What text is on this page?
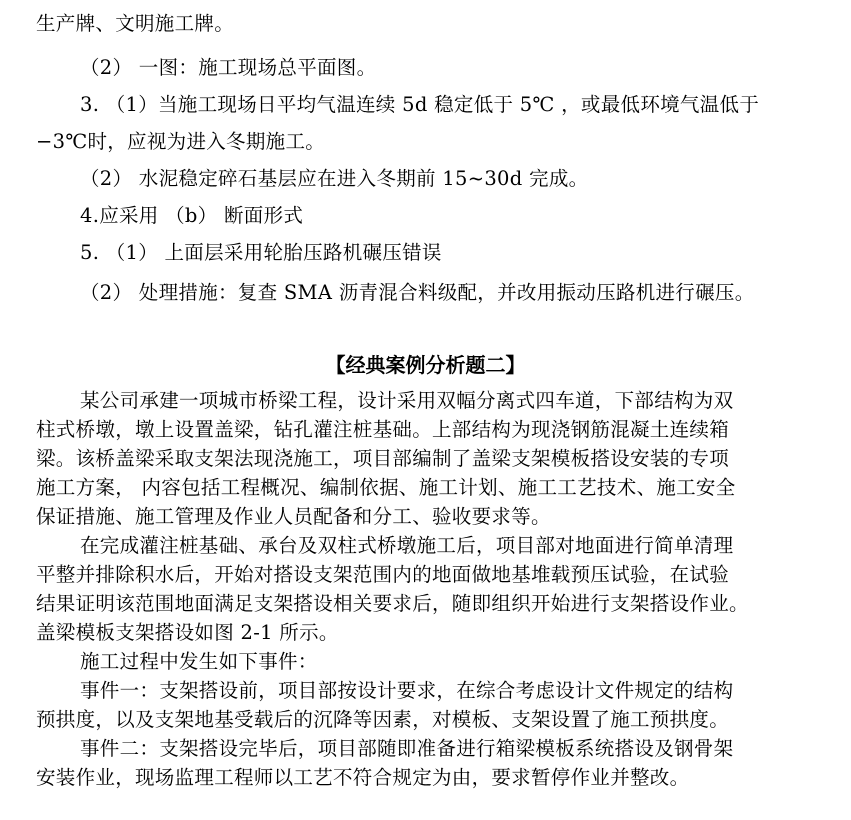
生产牌、文明施工牌。
（2） 一图：施工现场总平面图。
3. （1）当施工现场日平均气温连续 5d 稳定低于 5℃ ，或最低环境气温低于
−3℃时，应视为进入冬期施工。
（2） 水泥稳定碎石基层应在进入冬期前 15~30d 完成。
4.应采用 （b） 断面形式
5. （1） 上面层采用轮胎压路机碾压错误
（2） 处理措施：复查 SMA 沥青混合料级配，并改用振动压路机进行碾压。
【经典案例分析题二】
某公司承建一项城市桥梁工程，设计采用双幅分离式四车道，下部结构为双
柱式桥墩，墩上设置盖梁，钻孔灌注桩基础。上部结构为现浇钢筋混凝土连续箱
梁。该桥盖梁采取支架法现浇施工，项目部编制了盖梁支架模板搭设安装的专项
施工方案， 内容包括工程概况、编制依据、施工计划、施工工艺技术、施工安全
保证措施、施工管理及作业人员配备和分工、验收要求等。
在完成灌注桩基础、承台及双柱式桥墩施工后，项目部对地面进行简单清理
平整并排除积水后，开始对搭设支架范围内的地面做地基堆载预压试验，在试验
结果证明该范围地面满足支架搭设相关要求后，随即组织开始进行支架搭设作业。
盖梁模板支架搭设如图 2-1 所示。
施工过程中发生如下事件：
事件一：支架搭设前，项目部按设计要求，在综合考虑设计文件规定的结构
预拱度，以及支架地基受载后的沉降等因素，对模板、支架设置了施工预拱度。
事件二：支架搭设完毕后，项目部随即准备进行箱梁模板系统搭设及钢骨架
安装作业，现场监理工程师以工艺不符合规定为由，要求暂停作业并整改。
